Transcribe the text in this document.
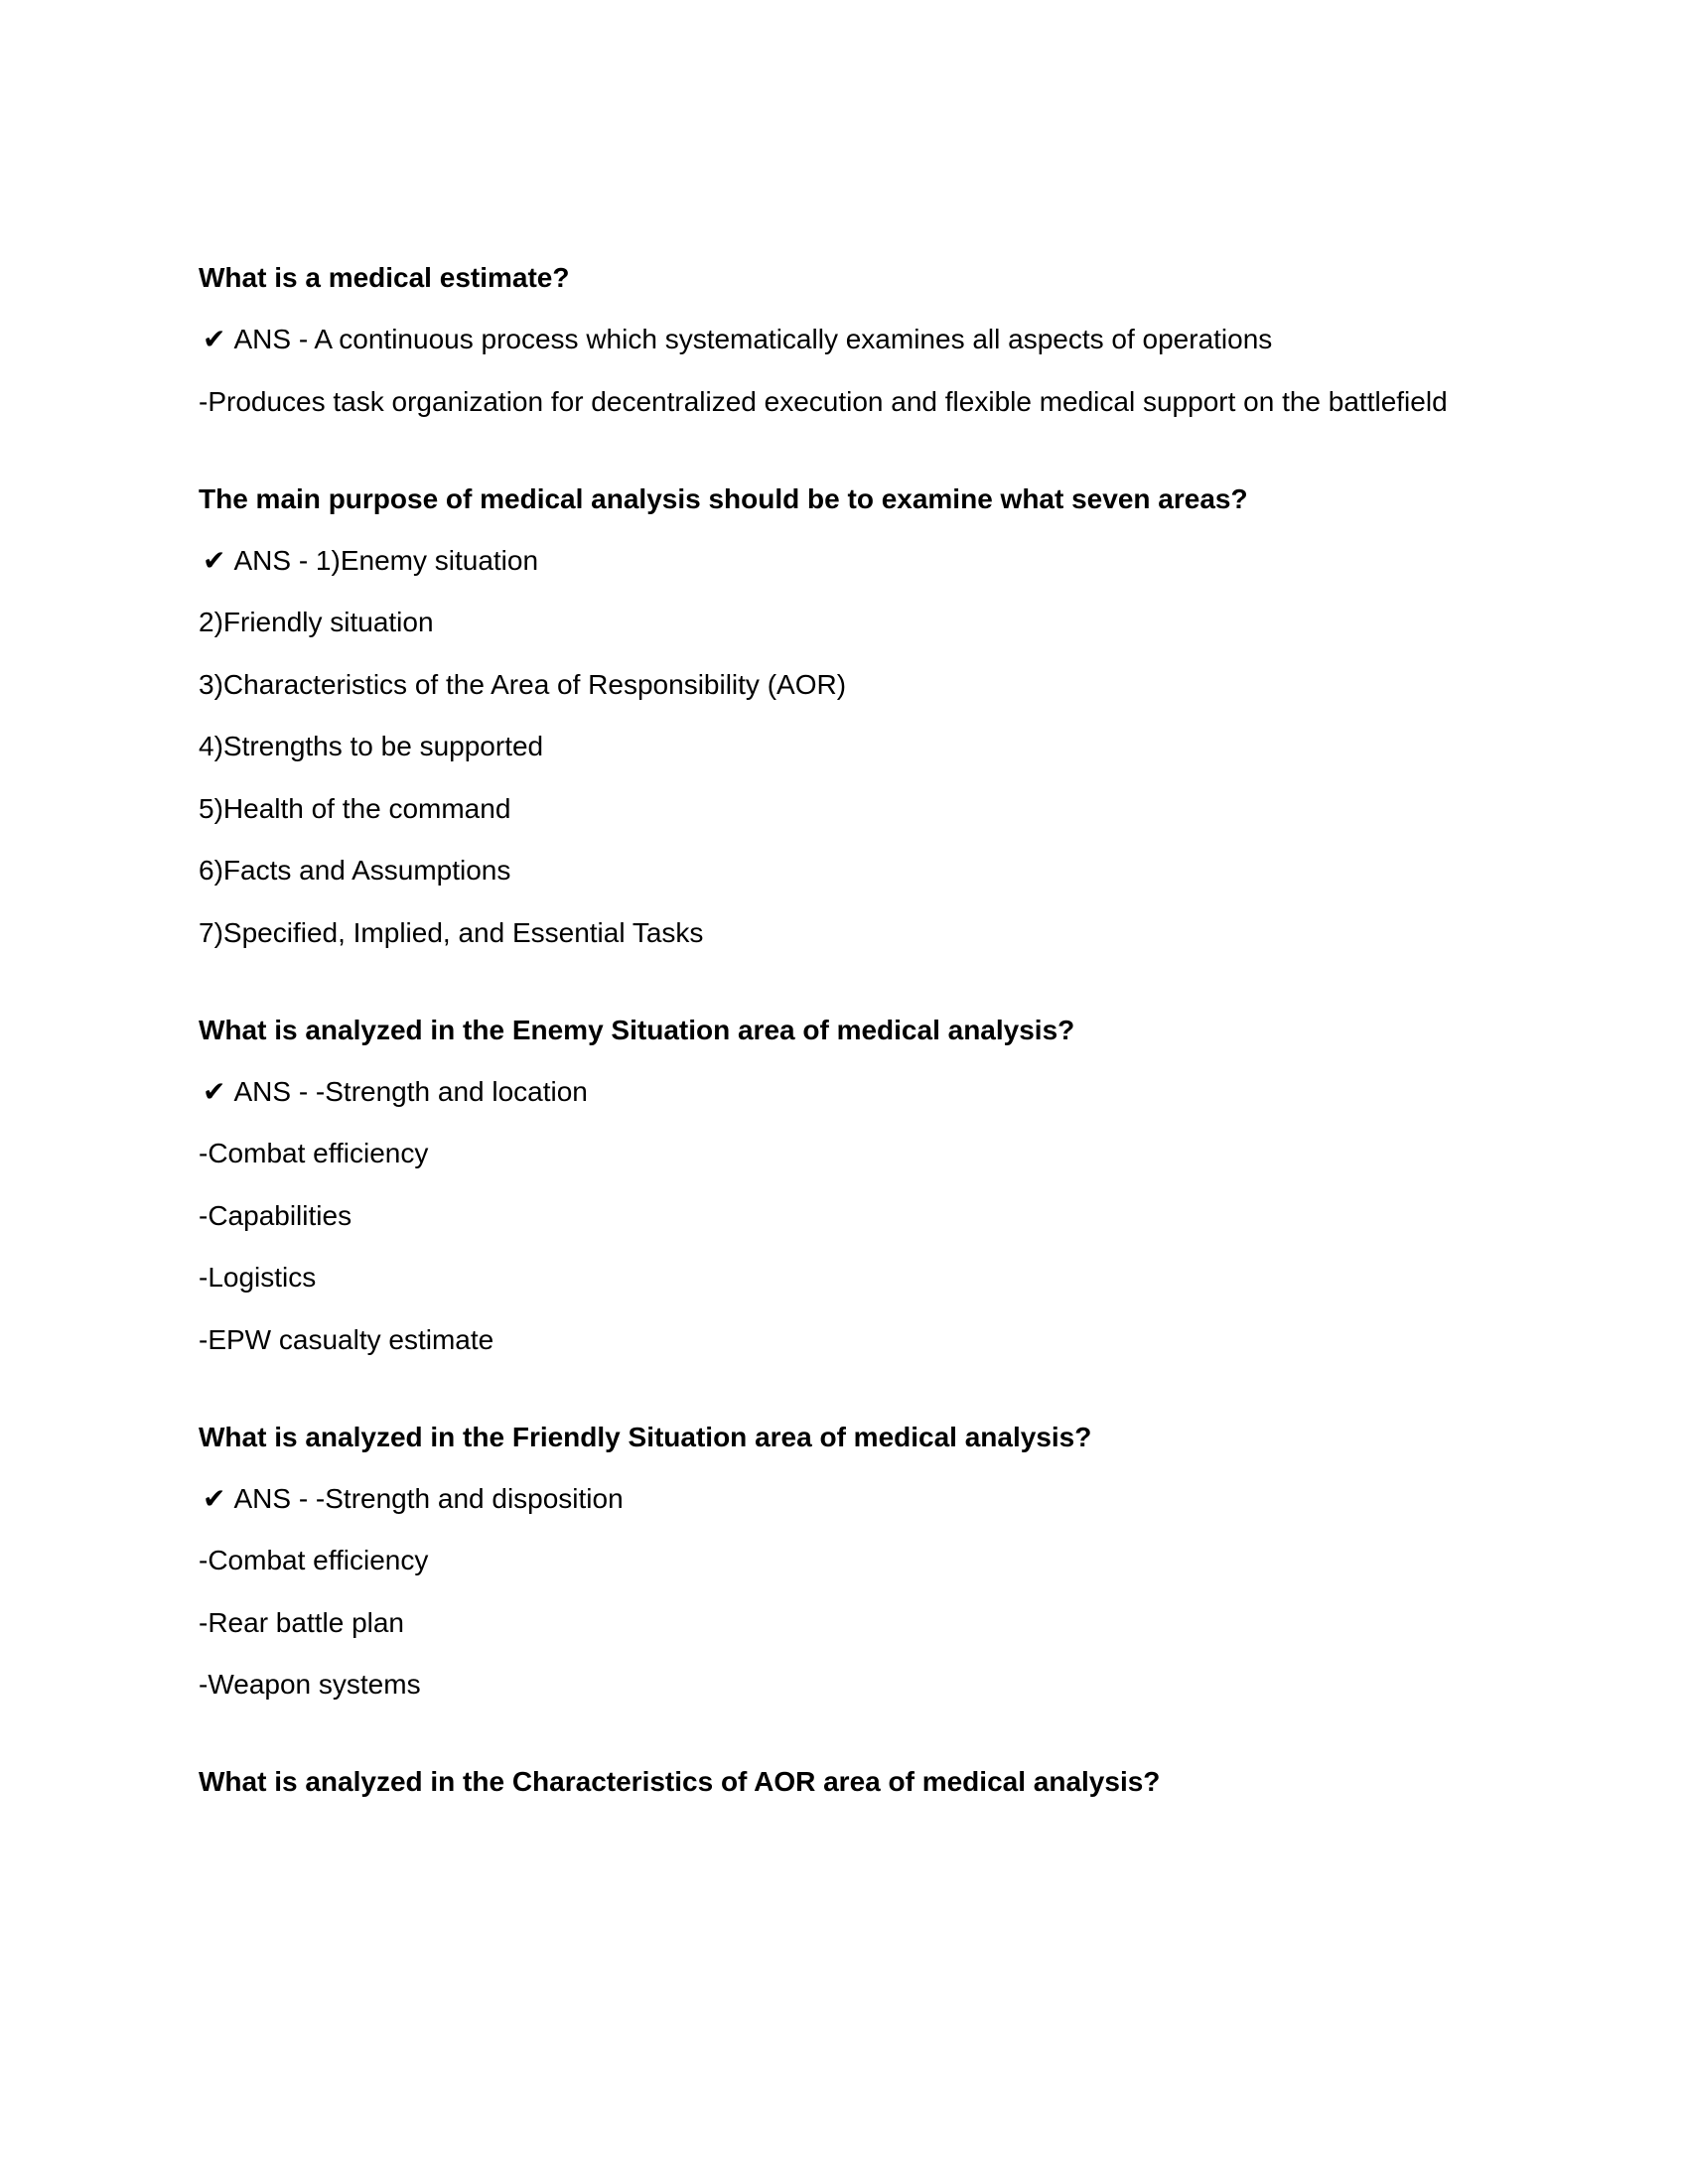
What is a medical estimate?
✔ ANS - A continuous process which systematically examines all aspects of operations
-Produces task organization for decentralized execution and flexible medical support on the battlefield
The main purpose of medical analysis should be to examine what seven areas?
✔ ANS - 1)Enemy situation
2)Friendly situation
3)Characteristics of the Area of Responsibility (AOR)
4)Strengths to be supported
5)Health of the command
6)Facts and Assumptions
7)Specified, Implied, and Essential Tasks
What is analyzed in the Enemy Situation area of medical analysis?
✔ ANS - -Strength and location
-Combat efficiency
-Capabilities
-Logistics
-EPW casualty estimate
What is analyzed in the Friendly Situation area of medical analysis?
✔ ANS - -Strength and disposition
-Combat efficiency
-Rear battle plan
-Weapon systems
What is analyzed in the Characteristics of AOR area of medical analysis?
